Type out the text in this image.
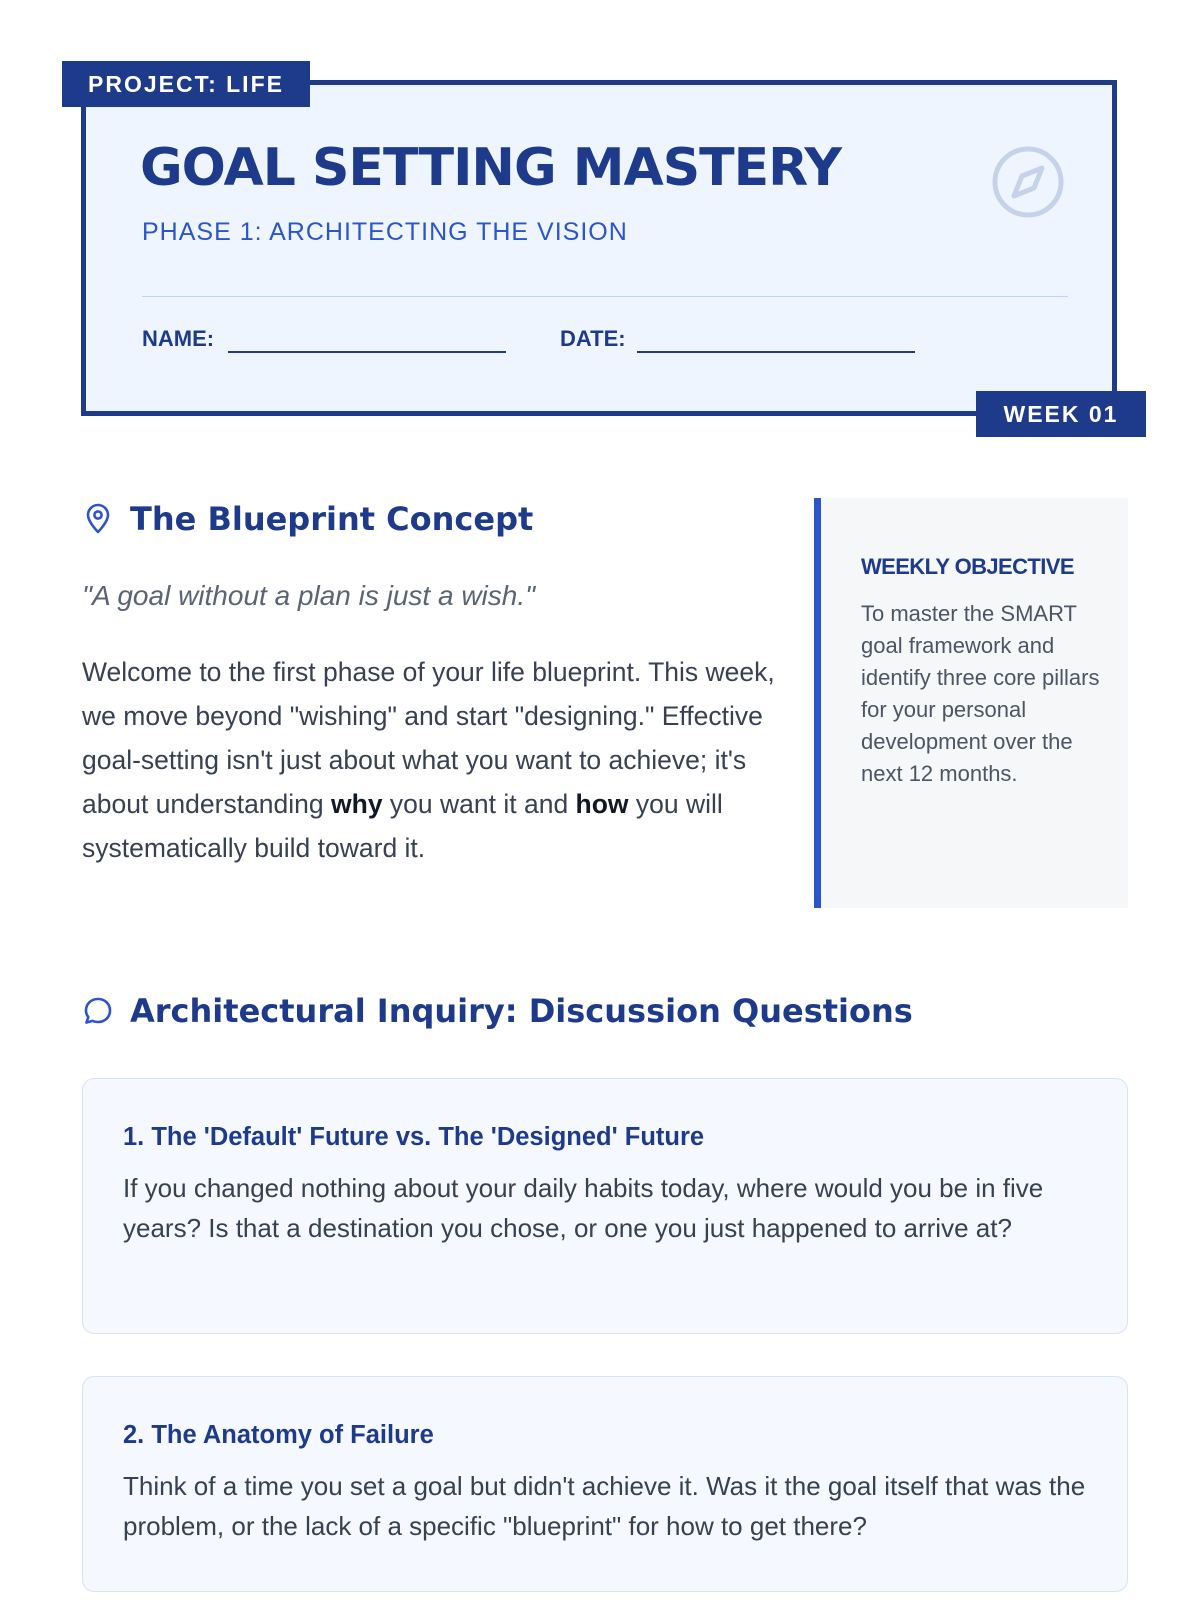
PROJECT: LIFE
GOAL SETTING MASTERY
PHASE 1: ARCHITECTING THE VISION
NAME:	DATE:
WEEK 01
The Blueprint Concept

"A goal without a plan is just a wish."

Welcome to the first phase of your life blueprint. This week, we move beyond "wishing" and start "designing." Effective goal-setting isn't just about what you want to achieve; it's about understanding why you want it and how you will systematically build toward it.

WEEKLY OBJECTIVE

To master the SMART goal framework and identify three core pillars for your personal development over the next 12 months.

Architectural Inquiry: Discussion Questions

1. The 'Default' Future vs. The 'Designed' Future

If you changed nothing about your daily habits today, where would you be in five years? Is that a destination you chose, or one you just happened to arrive at?

2. The Anatomy of Failure

Think of a time you set a goal but didn't achieve it. Was it the goal itself that was the problem, or the lack of a specific "blueprint" for how to get there?
